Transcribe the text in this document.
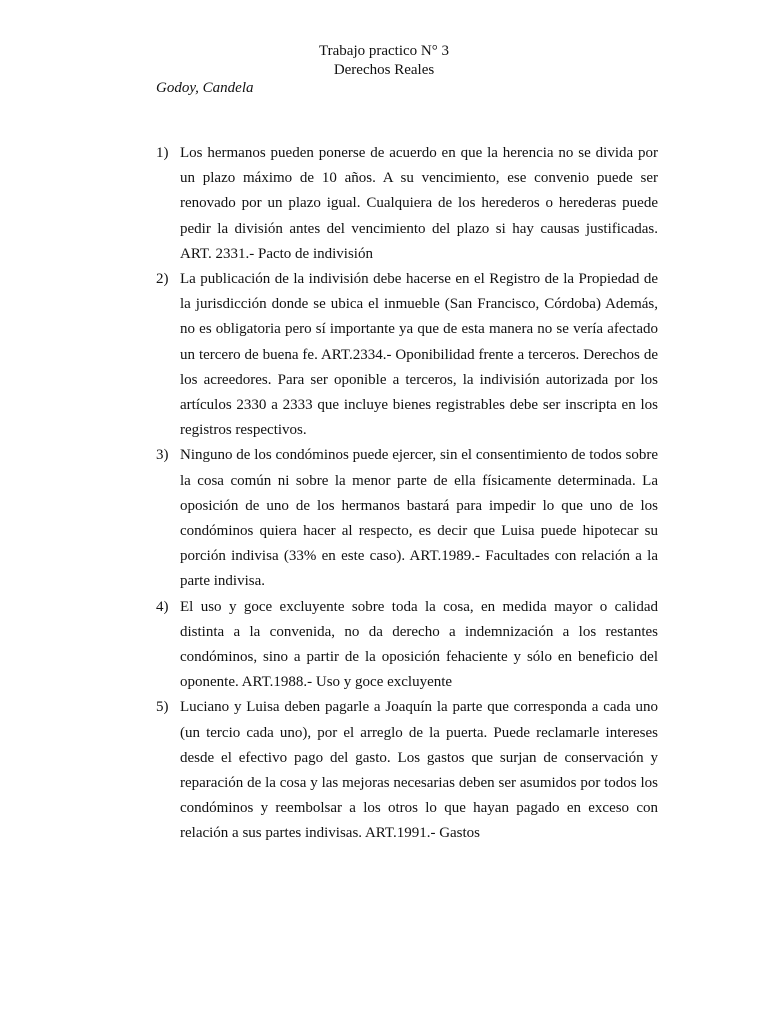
Trabajo practico N° 3
Derechos Reales
Godoy, Candela
1) Los hermanos pueden ponerse de acuerdo en que la herencia no se divida por un plazo máximo de 10 años. A su vencimiento, ese convenio puede ser renovado por un plazo igual. Cualquiera de los herederos o herederas puede pedir la división antes del vencimiento del plazo si hay causas justificadas. ART. 2331.- Pacto de indivisión
2) La publicación de la indivisión debe hacerse en el Registro de la Propiedad de la jurisdicción donde se ubica el inmueble (San Francisco, Córdoba) Además, no es obligatoria pero sí importante ya que de esta manera no se vería afectado un tercero de buena fe. ART.2334.- Oponibilidad frente a terceros. Derechos de los acreedores. Para ser oponible a terceros, la indivisión autorizada por los artículos 2330 a 2333 que incluye bienes registrables debe ser inscripta en los registros respectivos.
3) Ninguno de los condóminos puede ejercer, sin el consentimiento de todos sobre la cosa común ni sobre la menor parte de ella físicamente determinada. La oposición de uno de los hermanos bastará para impedir lo que uno de los condóminos quiera hacer al respecto, es decir que Luisa puede hipotecar su porción indivisa (33% en este caso). ART.1989.- Facultades con relación a la parte indivisa.
4) El uso y goce excluyente sobre toda la cosa, en medida mayor o calidad distinta a la convenida, no da derecho a indemnización a los restantes condóminos, sino a partir de la oposición fehaciente y sólo en beneficio del oponente. ART.1988.- Uso y goce excluyente
5) Luciano y Luisa deben pagarle a Joaquín la parte que corresponda a cada uno (un tercio cada uno), por el arreglo de la puerta. Puede reclamarle intereses desde el efectivo pago del gasto. Los gastos que surjan de conservación y reparación de la cosa y las mejoras necesarias deben ser asumidos por todos los condóminos y reembolsar a los otros lo que hayan pagado en exceso con relación a sus partes indivisas. ART.1991.- Gastos
